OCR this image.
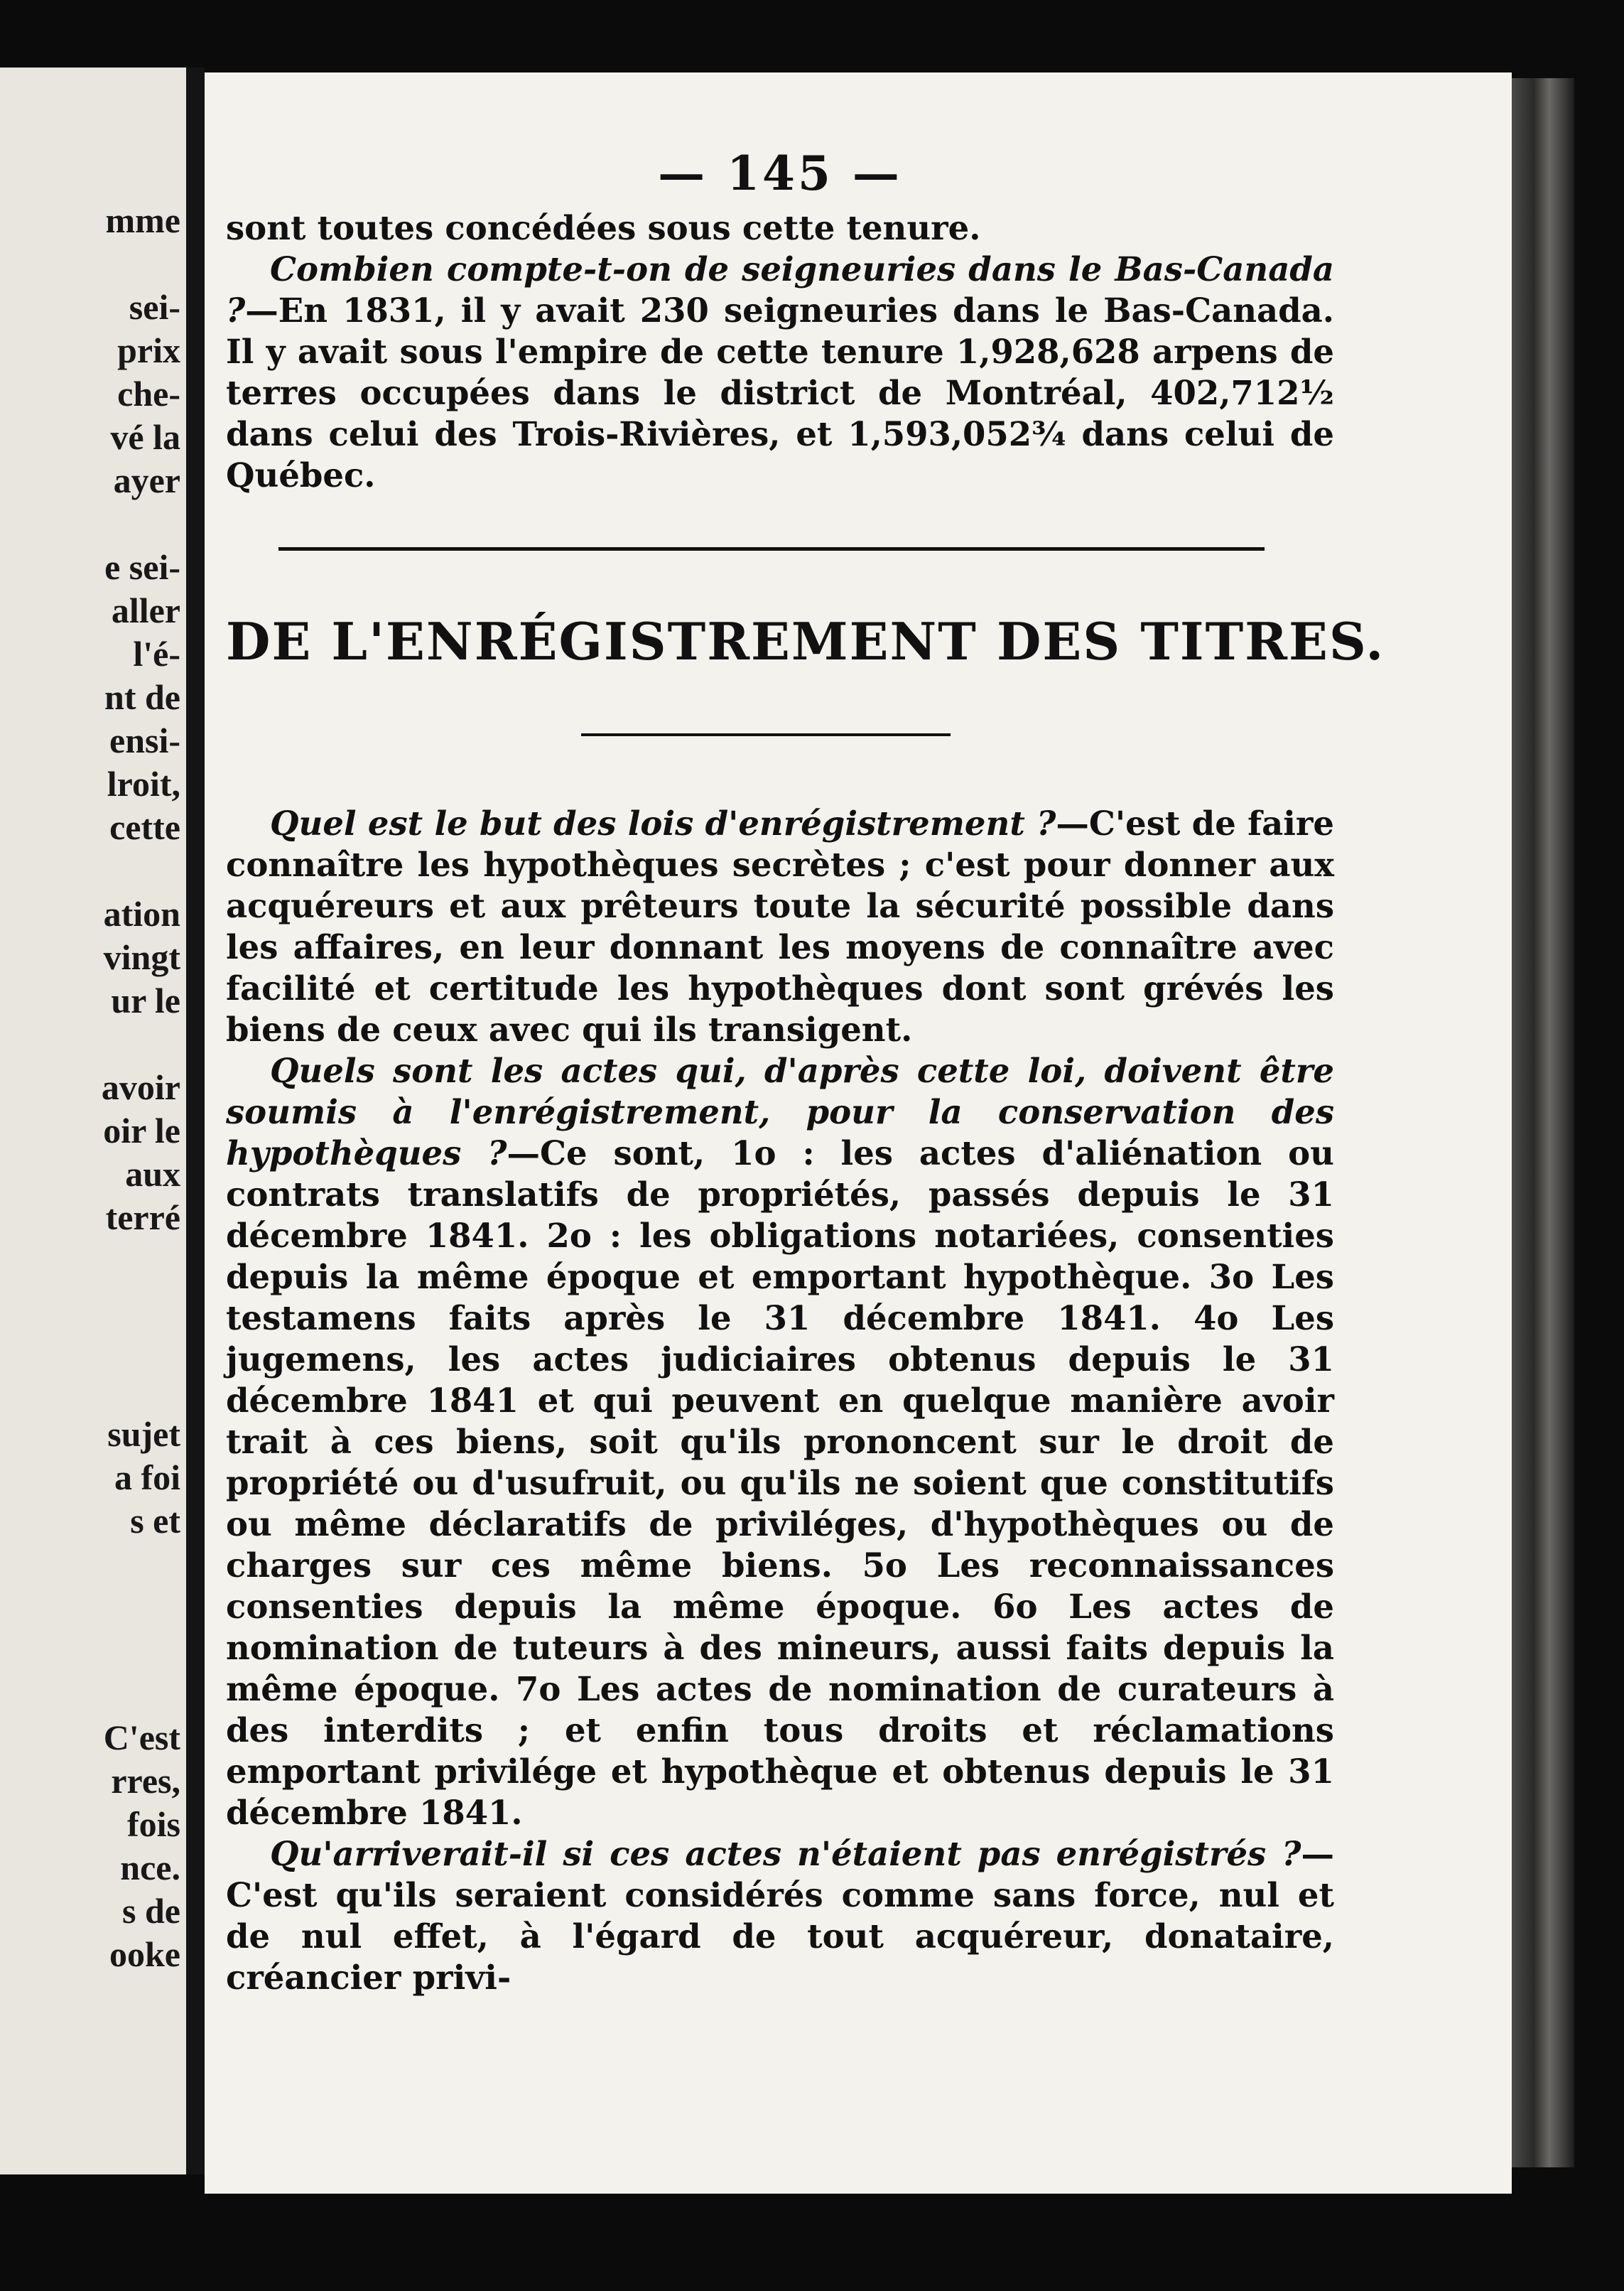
mme

sei-
prix
che-
vé la
ayer

e sei-
aller
l'é-
nt de
ensi-
lroit,
cette

ation
vingt
ur le

avoir
oir le
aux
terré

sujet
a foi
s et

C'est
rres,
fois
nce.
s de
ooke
— 145 —

sont toutes concédées sous cette tenure.

Combien compte-t-on de seigneuries dans le Bas-Canada ?—En 1831, il y avait 230 seigneuries dans le Bas-Canada. Il y avait sous l'empire de cette tenure 1,928,628 arpens de terres occupées dans le district de Montréal, 402,712½ dans celui des Trois-Rivières, et 1,593,052¾ dans celui de Québec.

DE L'ENRÉGISTREMENT DES TITRES.

Quel est le but des lois d'enrégistrement ?—C'est de faire connaître les hypothèques secrètes ; c'est pour donner aux acquéreurs et aux prêteurs toute la sécurité possible dans les affaires, en leur donnant les moyens de connaître avec facilité et certitude les hypothèques dont sont grévés les biens de ceux avec qui ils transigent.

Quels sont les actes qui, d'après cette loi, doivent être soumis à l'enrégistrement, pour la conservation des hypothèques ?—Ce sont, 1o : les actes d'aliénation ou contrats translatifs de propriétés, passés depuis le 31 décembre 1841. 2o : les obligations notariées, consenties depuis la même époque et emportant hypothèque. 3o Les testamens faits après le 31 décembre 1841. 4o Les jugemens, les actes judiciaires obtenus depuis le 31 décembre 1841 et qui peuvent en quelque manière avoir trait à ces biens, soit qu'ils prononcent sur le droit de propriété ou d'usufruit, ou qu'ils ne soient que constitutifs ou même déclaratifs de priviléges, d'hypothèques ou de charges sur ces même biens. 5o Les reconnaissances consenties depuis la même époque. 6o Les actes de nomination de tuteurs à des mineurs, aussi faits depuis la même époque. 7o Les actes de nomination de curateurs à des interdits ; et enfin tous droits et réclamations emportant privilége et hypothèque et obtenus depuis le 31 décembre 1841.

Qu'arriverait-il si ces actes n'étaient pas enrégistrés ?—C'est qu'ils seraient considérés comme sans force, nul et de nul effet, à l'égard de tout acquéreur, donataire, créancier privi-
